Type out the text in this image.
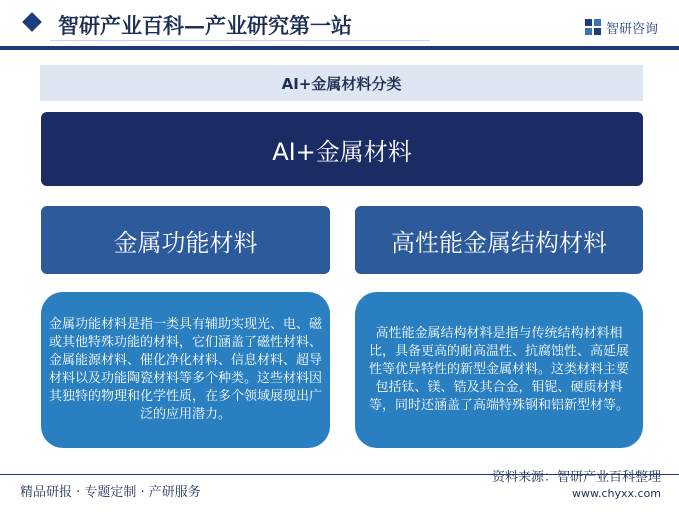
智研产业百科—产业研究第一站	智研咨询
AI+金属材料分类
AI+金属材料
金属功能材料	高性能金属结构材料
金属功能材料是指一类具有辅助实现光、电、磁或其他特殊功能的材料，它们涵盖了磁性材料、金属能源材料、催化净化材料、信息材料、超导材料以及功能陶瓷材料等多个种类。这些材料因其独特的物理和化学性质，在多个领域展现出广泛的应用潜力。
高性能金属结构材料是指与传统结构材料相比，具备更高的耐高温性、抗腐蚀性、高延展性等优异特性的新型金属材料。这类材料主要包括钛、镁、锆及其合金，钼铌、硬质材料等，同时还涵盖了高端特殊钢和铝新型材等。
精品研报 · 专题定制 · 产研服务
资料来源：智研产业百科整理
www.chyxx.com
